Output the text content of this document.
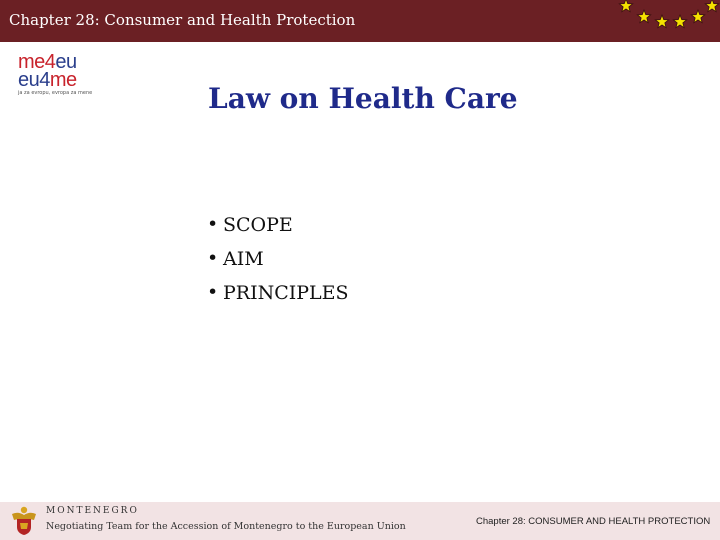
Chapter 28: Consumer and Health Protection
me4eu
eu4me
ja za evropu, evropa za mene	Law on Health Care
• SCOPE
• AIM
• PRINCIPLES
MONTENEGRO
Negotiating Team for the Accession of Montenegro to the European Union	Chapter 28: CONSUMER AND HEALTH PROTECTION
